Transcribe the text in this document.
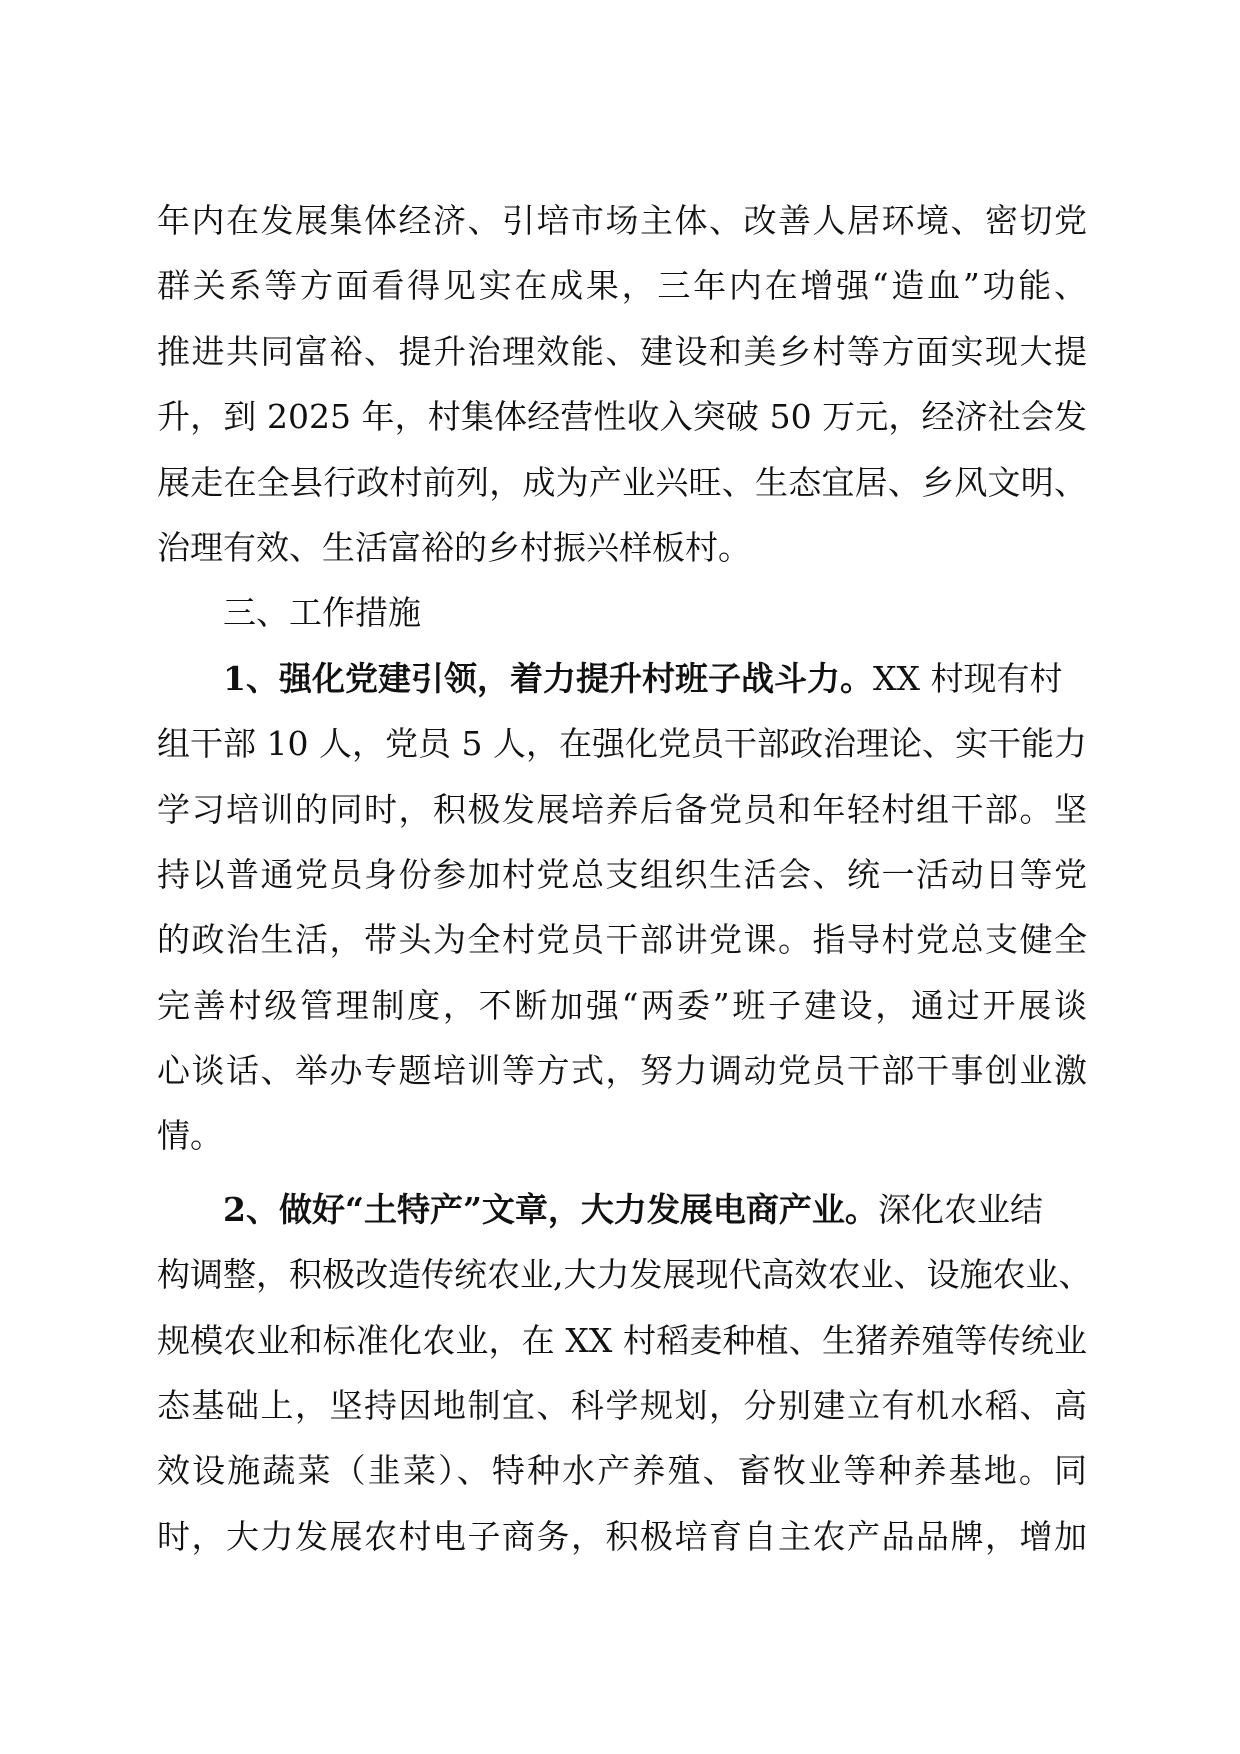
年内在发展集体经济、引培市场主体、改善人居环境、密切党
群关系等方面看得见实在成果，三年内在增强“造血”功能、
推进共同富裕、提升治理效能、建设和美乡村等方面实现大提
升，到 2025 年，村集体经营性收入突破 50 万元，经济社会发
展走在全县行政村前列，成为产业兴旺、生态宜居、乡风文明、
治理有效、生活富裕的乡村振兴样板村。
三、工作措施
1、强化党建引领，着力提升村班子战斗力。XX 村现有村
组干部 10 人，党员 5 人，在强化党员干部政治理论、实干能力
学习培训的同时，积极发展培养后备党员和年轻村组干部。坚
持以普通党员身份参加村党总支组织生活会、统一活动日等党
的政治生活，带头为全村党员干部讲党课。指导村党总支健全
完善村级管理制度，不断加强“两委”班子建设，通过开展谈
心谈话、举办专题培训等方式，努力调动党员干部干事创业激
情。
2、做好“土特产”文章，大力发展电商产业。深化农业结
构调整，积极改造传统农业,大力发展现代高效农业、设施农业、
规模农业和标准化农业，在 XX 村稻麦种植、生猪养殖等传统业
态基础上，坚持因地制宜、科学规划，分别建立有机水稻、高
效设施蔬菜（韭菜）、特种水产养殖、畜牧业等种养基地。同
时，大力发展农村电子商务，积极培育自主农产品品牌，增加
